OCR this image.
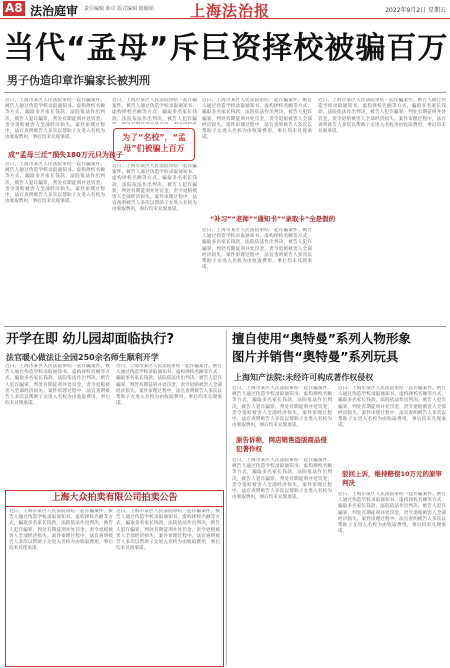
A8 法治庭审 责任编辑 陈卓 版式编辑 陈颖娟 上海法治报	2022年9月2日 星期五
当代“孟母”斥巨资择校被骗百万
男子伪造印章诈骗家长被判刑
近日，上海市某区人民法院审结一起诈骗案件。被告人通过伪造学校录取通知书、虚构择校名额等方式，骗取多名家长钱款，法院依法作出判决，被告人犯诈骗罪，判处有期徒刑并处罚金，责令退赔被害人全部经济损失。案件审理过程中，法官查明被告人多次以帮助子女进入名校为由收取费用，事后均未兑现承诺。
成“孟母三迁”损失180万元只为孩子
近日，上海市某区人民法院审结一起诈骗案件。被告人通过伪造学校录取通知书、虚构择校名额等方式，骗取多名家长钱款，法院依法作出判决，被告人犯诈骗罪，判处有期徒刑并处罚金，责令退赔被害人全部经济损失。案件审理过程中，法官查明被告人多次以帮助子女进入名校为由收取费用，事后均未兑现承诺。
近日，上海市某区人民法院审结一起诈骗案件。被告人通过伪造学校录取通知书、虚构择校名额等方式，骗取多名家长钱款，法院依法作出判决，被告人犯诈骗
为了“名校”，“孟母”们被骗上百万
近日，上海市某区人民法院审结一起诈骗案件。被告人通过伪造学校录取通知书、虚构择校名额等方式，骗取多名家长钱款，法院依法作出判决，被告人犯诈骗罪，判处有期徒刑并处罚金，责令退赔被害人全部经济损失。案件审理过程中，法官查明被告人多次以帮助子女进入名校为由收取费用，事后均未兑现承诺。
近日，上海市某区人民法院审结一起诈骗案件。被告人通过伪造学校录取通知书、虚构择校名额等方式，骗取多名家长钱款，法院依法作出判决，被告人犯诈骗罪，判处有期徒刑并处罚金，责令退赔被害人全部经济损失。案件审理过程中，法官查明被告人多次以帮助子女进入名校为由收取费用，事后均未兑现承诺。
“补习”“老师”“通知书”“录取卡”全是假的
近日，上海市某区人民法院审结一起诈骗案件。被告人通过伪造学校录取通知书、虚构择校名额等方式，骗取多名家长钱款，法院依法作出判决，被告人犯诈骗罪，判处有期徒刑并处罚金，责令退赔被害人全部经济损失。案件审理过程中，法官查明被告人多次以帮助子女进入名校为由收取费用，事后均未兑现承诺。
近日，上海市某区人民法院审结一起诈骗案件。被告人通过伪造学校录取通知书、虚构择校名额等方式，骗取多名家长钱款，法院依法作出判决，被告人犯诈骗罪，判处有期徒刑并处罚金，责令退赔被害人全部经济损失。案件审理过程中，法官查明被告人多次以帮助子女进入名校为由收取费用，事后均未兑现承诺。
开学在即 幼儿园却面临执行?
法官暖心做法让全园250余名师生顺利开学
近日，上海市某区人民法院审结一起诈骗案件。被告人通过伪造学校录取通知书、虚构择校名额等方式，骗取多名家长钱款，法院依法作出判决，被告人犯诈骗罪，判处有期徒刑并处罚金，责令退赔被害人全部经济损失。案件审理过程中，法官查明被告人多次以帮助子女进入名校为由收取费用，事后均未兑现承诺。
近日，上海市某区人民法院审结一起诈骗案件。被告人通过伪造学校录取通知书、虚构择校名额等方式，骗取多名家长钱款，法院依法作出判决，被告人犯诈骗罪，判处有期徒刑并处罚金，责令退赔被害人全部经济损失。案件审理过程中，法官查明被告人多次以帮助子女进入名校为由收取费用，事后均未兑现承诺。
上海大众拍卖有限公司拍卖公告
近日，上海市某区人民法院审结一起诈骗案件。被告人通过伪造学校录取通知书、虚构择校名额等方式，骗取多名家长钱款，法院依法作出判决，被告人犯诈骗罪，判处有期徒刑并处罚金，责令退赔被害人全部经济损失。案件审理过程中，法官查明被告人多次以帮助子女进入名校为由收取费用，事后均未兑现承诺。
近日，上海市某区人民法院审结一起诈骗案件。被告人通过伪造学校录取通知书、虚构择校名额等方式，骗取多名家长钱款，法院依法作出判决，被告人犯诈骗罪，判处有期徒刑并处罚金，责令退赔被害人全部经济损失。案件审理过程中，法官查明被告人多次以帮助子女进入名校为由收取费用，事后均未兑现承诺。
擅自使用“奥特曼”系列人物形象
图片并销售“奥特曼”系列玩具
上海知产法院:未经许可构成著作权侵权
近日，上海市某区人民法院审结一起诈骗案件。被告人通过伪造学校录取通知书、虚构择校名额等方式，骗取多名家长钱款，法院依法作出判决，被告人犯诈骗罪，判处有期徒刑并处罚金，责令退赔被害人全部经济损失。案件审理过程中，法官查明被告人多次以帮助子女进入名校为由收取费用，事后均未兑现承诺。
原告诉称，网店销售盗版商品侵犯著作权
近日，上海市某区人民法院审结一起诈骗案件。被告人通过伪造学校录取通知书、虚构择校名额等方式，骗取多名家长钱款，法院依法作出判决，被告人犯诈骗罪，判处有期徒刑并处罚金，责令退赔被害人全部经济损失。案件审理过程中，法官查明被告人多次以帮助子女进入名校为由收取费用，事后均未兑现承诺。
近日，上海市某区人民法院审结一起诈骗案件。被告人通过伪造学校录取通知书、虚构择校名额等方式，骗取多名家长钱款，法院依法作出判决，被告人犯诈骗罪，判处有期徒刑并处罚金，责令退赔被害人全部经济损失。案件审理过程中，法官查明被告人多次以帮助子女进入名校为由收取费用，事后均未兑现承诺。
驳回上诉，维持赔偿10万元的原审判决
近日，上海市某区人民法院审结一起诈骗案件。被告人通过伪造学校录取通知书、虚构择校名额等方式，骗取多名家长钱款，法院依法作出判决，被告人犯诈骗罪，判处有期徒刑并处罚金，责令退赔被害人全部经济损失。案件审理过程中，法官查明被告人多次以帮助子女进入名校为由收取费用，事后均未兑现承诺。
